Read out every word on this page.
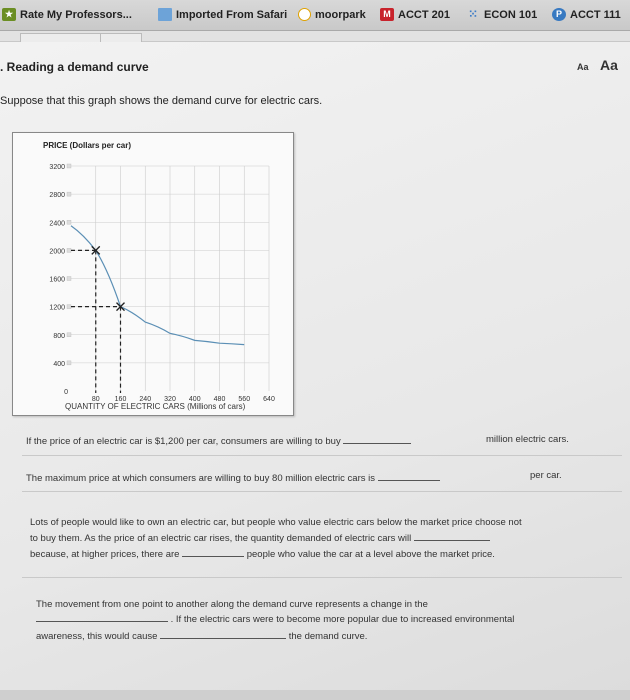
★ Rate My Professors...	Imported From Safari	moorpark	M ACCT 201 ⁙ ECON 101	P ACCT 111
. Reading a demand curve	Aa Aa
Suppose that this graph shows the demand curve for electric cars.
PRICE (Dollars per car)
QUANTITY OF ELECTRIC CARS (Millions of cars)
3200
2800
2400
2000
1600
1200
800
400
0
80 160 240 320 400 480 560 640
If the price of an electric car is $1,200 per car, consumers are willing to buy	million electric cars.
The maximum price at which consumers are willing to buy 80 million electric cars is	per car.
Lots of people would like to own an electric car, but people who value electric cars below the market price choose not
to buy them. As the price of an electric car rises, the quantity demanded of electric cars will
because, at higher prices, there are	people who value the car at a level above the market price.
The movement from one point to another along the demand curve represents a change in the
. If the electric cars were to become more popular due to increased environmental
awareness, this would cause	the demand curve.
